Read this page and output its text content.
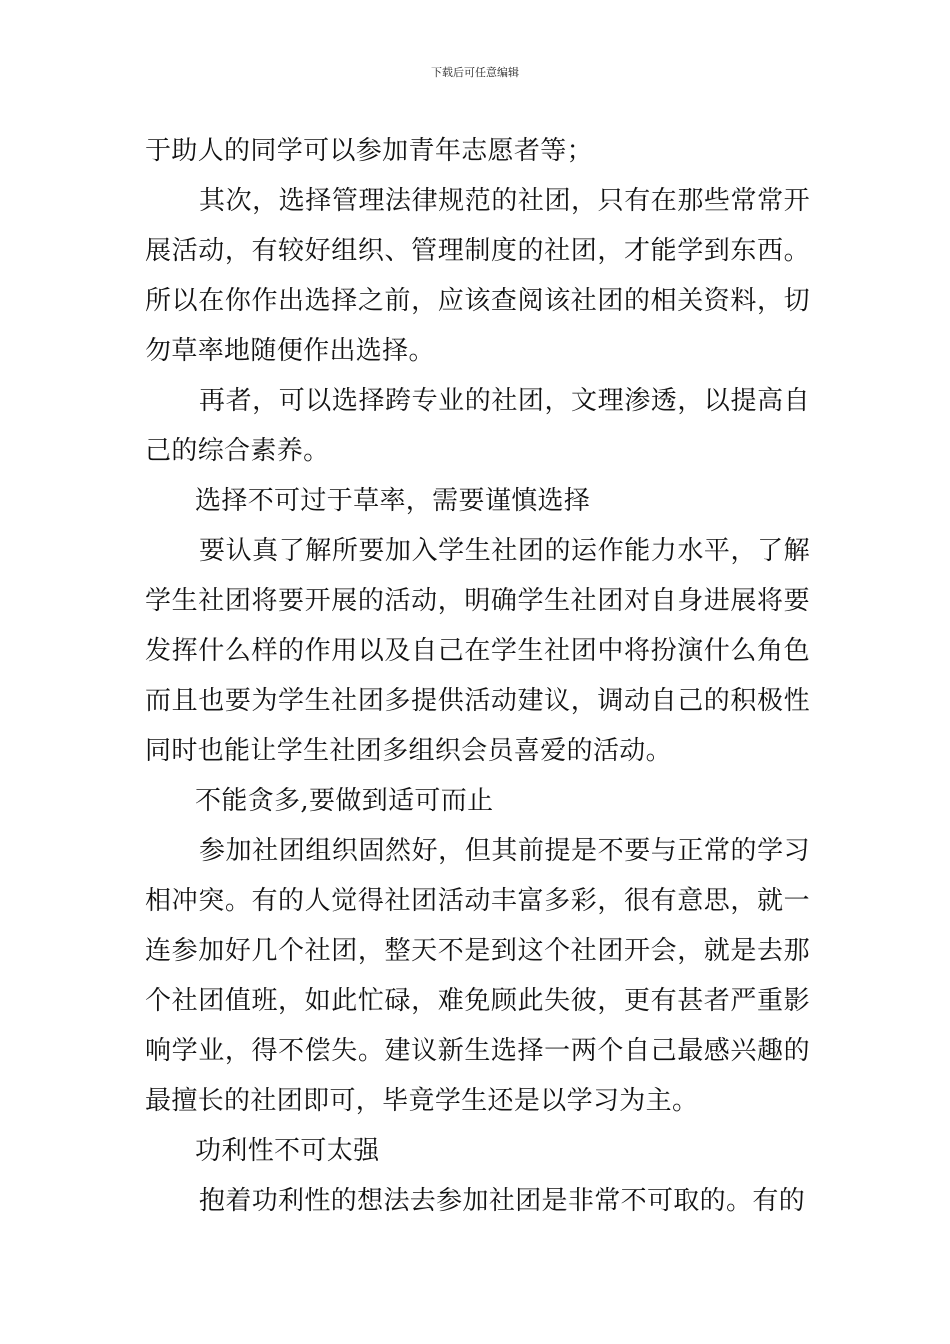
下载后可任意编辑

于助人的同学可以参加青年志愿者等；

其次，选择管理法律规范的社团，只有在那些常常开展活动，有较好组织、管理制度的社团，才能学到东西。所以在你作出选择之前，应该查阅该社团的相关资料，切勿草率地随便作出选择。

再者，可以选择跨专业的社团，文理渗透，以提高自己的综合素养。

选择不可过于草率，需要谨慎选择

要认真了解所要加入学生社团的运作能力水平，了解学生社团将要开展的活动，明确学生社团对自身进展将要发挥什么样的作用以及自己在学生社团中将扮演什么角色而且也要为学生社团多提供活动建议，调动自己的积极性同时也能让学生社团多组织会员喜爱的活动。

不能贪多,要做到适可而止

参加社团组织固然好，但其前提是不要与正常的学习相冲突。有的人觉得社团活动丰富多彩，很有意思，就一连参加好几个社团，整天不是到这个社团开会，就是去那个社团值班，如此忙碌，难免顾此失彼，更有甚者严重影响学业，得不偿失。建议新生选择一两个自己最感兴趣的最擅长的社团即可，毕竟学生还是以学习为主。

功利性不可太强

抱着功利性的想法去参加社团是非常不可取的。有的
